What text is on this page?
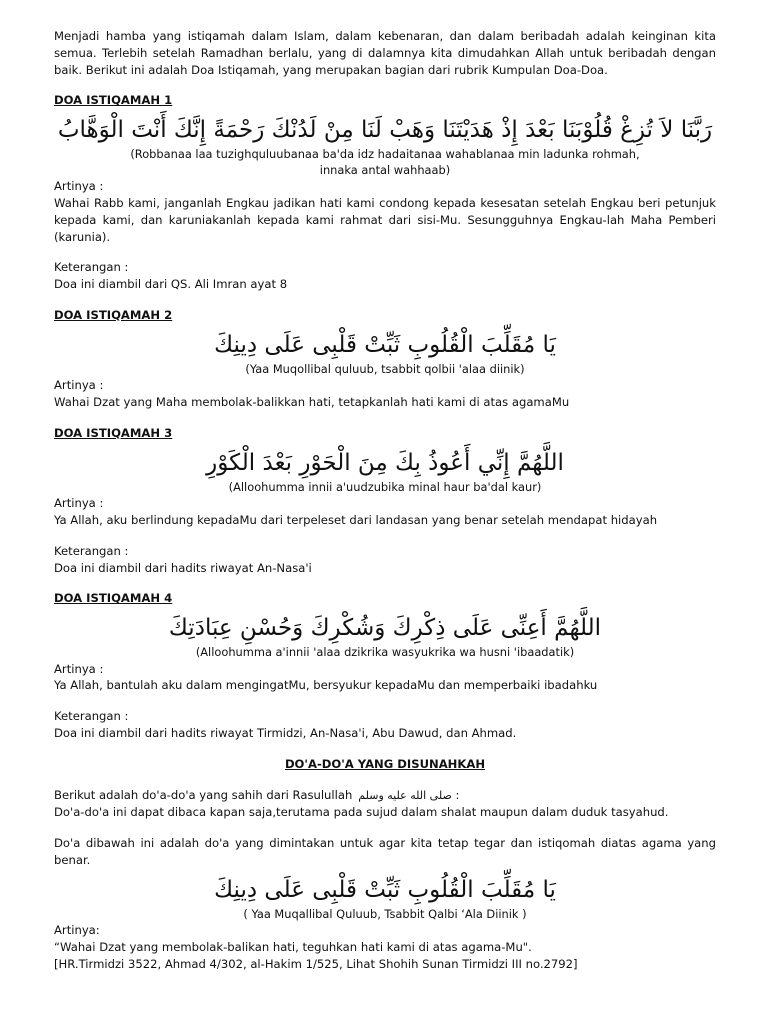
Menjadi hamba yang istiqamah dalam Islam, dalam kebenaran, dan dalam beribadah adalah keinginan kita semua. Terlebih setelah Ramadhan berlalu, yang di dalamnya kita dimudahkan Allah untuk beribadah dengan baik. Berikut ini adalah Doa Istiqamah, yang merupakan bagian dari rubrik Kumpulan Doa-Doa.

DOA ISTIQAMAH 1

رَبَّنَا لاَ تُزِغْ قُلُوْبَنَا بَعْدَ إِذْ هَدَيْتَنَا وَهَبْ لَنَا مِنْ لَدُنْكَ رَحْمَةً إِنَّكَ أَنْتَ الْوَهَّابُ

(Robbanaa laa tuzighquluubanaa ba'da idz hadaitanaa wahablanaa min ladunka rohmah,

innaka antal wahhaab)

Artinya :

Wahai Rabb kami, janganlah Engkau jadikan hati kami condong kepada kesesatan setelah Engkau beri petunjuk kepada kami, dan karuniakanlah kepada kami rahmat dari sisi-Mu. Sesungguhnya Engkau-lah Maha Pemberi (karunia).

Keterangan :

Doa ini diambil dari QS. Ali Imran ayat 8

DOA ISTIQAMAH 2

يَا مُقَلِّبَ الْقُلُوبِ ثَبِّتْ قَلْبِى عَلَى دِينِكَ

(Yaa Muqollibal quluub, tsabbit qolbii 'alaa diinik)

Artinya :

Wahai Dzat yang Maha membolak-balikkan hati, tetapkanlah hati kami di atas agamaMu

DOA ISTIQAMAH 3

اللَّهُمَّ إِنِّي أَعُوذُ بِكَ مِنَ الْحَوْرِ بَعْدَ الْكَوْرِ

(Alloohumma innii a'uudzubika minal haur ba'dal kaur)

Artinya :

Ya Allah, aku berlindung kepadaMu dari terpeleset dari landasan yang benar setelah mendapat hidayah

Keterangan :

Doa ini diambil dari hadits riwayat An-Nasa'i

DOA ISTIQAMAH 4

اللَّهُمَّ أَعِنِّى عَلَى ذِكْرِكَ وَشُكْرِكَ وَحُسْنِ عِبَادَتِكَ

(Alloohumma a'innii 'alaa dzikrika wasyukrika wa husni 'ibaadatik)

Artinya :

Ya Allah, bantulah aku dalam mengingatMu, bersyukur kepadaMu dan memperbaiki ibadahku

Keterangan :

Doa ini diambil dari hadits riwayat Tirmidzi, An-Nasa'i, Abu Dawud, dan Ahmad.

DO'A-DO'A YANG DISUNAHKAH

Berikut adalah do'a-do'a yang sahih dari Rasulullah صلى الله عليه وسلم :

Do'a-do'a ini dapat dibaca kapan saja,terutama pada sujud dalam shalat maupun dalam duduk tasyahud.

Do'a dibawah ini adalah do'a yang dimintakan untuk agar kita tetap tegar dan istiqomah diatas agama yang benar.

يَا مُقَلِّبَ الْقُلُوبِ ثَبِّتْ قَلْبِى عَلَى دِينِكَ

( Yaa Muqallibal Quluub, Tsabbit Qalbi ‘Ala Diinik )

Artinya:

“Wahai Dzat yang membolak-balikan hati, teguhkan hati kami di atas agama-Mu".

[HR.Tirmidzi 3522, Ahmad 4/302, al-Hakim 1/525, Lihat Shohih Sunan Tirmidzi III no.2792]
